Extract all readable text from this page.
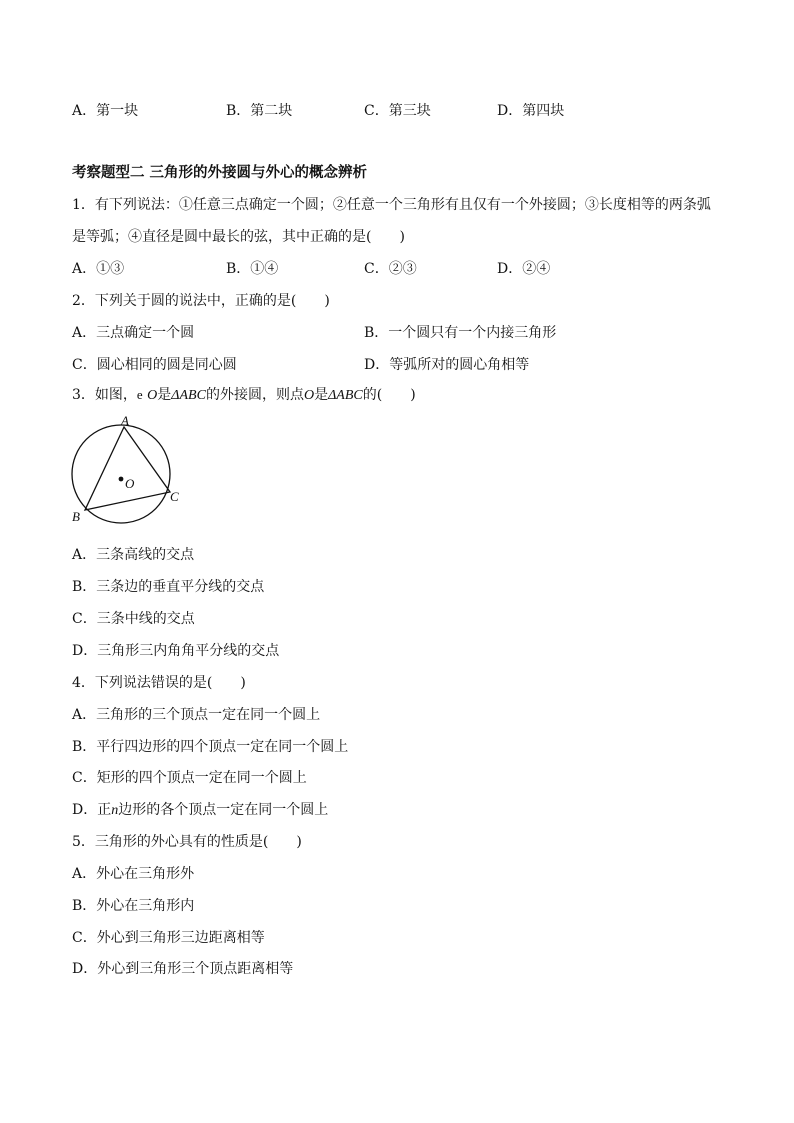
A．第一块	B．第二块	C．第三块	D．第四块
考察题型二 三角形的外接圆与外心的概念辨析
1．有下列说法：①任意三点确定一个圆；②任意一个三角形有且仅有一个外接圆；③长度相等的两条弧
是等弧；④直径是圆中最长的弦，其中正确的是(　　)
A．①③	B．①④	C．②③	D．②④
2．下列关于圆的说法中，正确的是(　　)
A．三点确定一个圆	B．一个圆只有一个内接三角形
C．圆心相同的圆是同心圆	D．等弧所对的圆心角相等
3．如图，e O是ΔABC的外接圆，则点O是ΔABC的(　　)
A
B
C
O
A．三条高线的交点
B．三条边的垂直平分线的交点
C．三条中线的交点
D．三角形三内角角平分线的交点
4．下列说法错误的是(　　)
A．三角形的三个顶点一定在同一个圆上
B．平行四边形的四个顶点一定在同一个圆上
C．矩形的四个顶点一定在同一个圆上
D．正n边形的各个顶点一定在同一个圆上
5．三角形的外心具有的性质是(　　)
A．外心在三角形外
B．外心在三角形内
C．外心到三角形三边距离相等
D．外心到三角形三个顶点距离相等
